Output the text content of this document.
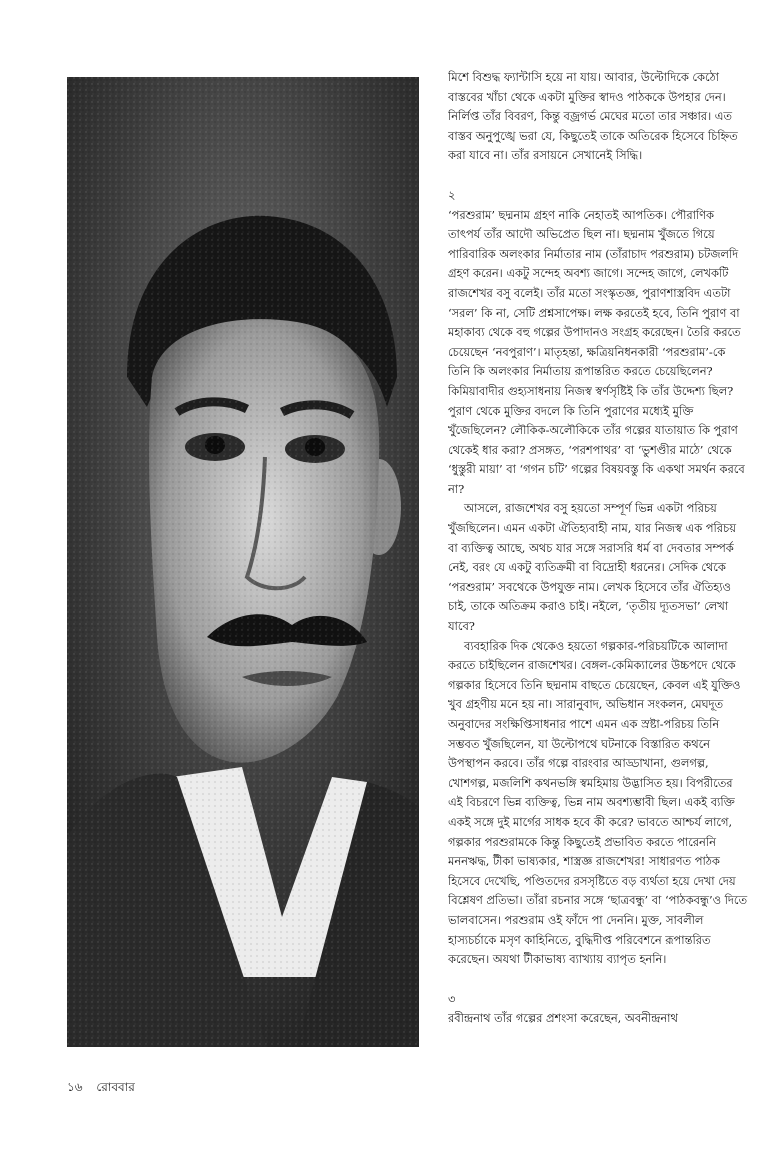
মিশে বিশুদ্ধ ফ্যান্টাসি হয়ে না যায়। আবার, উল্টোদিকে কেঠো বাস্তবের খাঁচা থেকে একটা মুক্তির স্বাদও পাঠককে উপহার দেন। নির্লিপ্ত তাঁর বিবরণ, কিন্তু বজ্রগর্ভ মেঘের মতো তার সঞ্চার। এত বাস্তব অনুপুঙ্খে ভরা যে, কিছুতেই তাকে অতিরেক হিসেবে চিহ্নিত করা যাবে না। তাঁর রসায়নে সেখানেই সিদ্ধি।

২

‘পরশুরাম’ ছদ্মনাম গ্রহণ নাকি নেহাতই আপতিক। পৌরাণিক তাৎপর্য তাঁর আদৌ অভিপ্রেত ছিল না। ছদ্মনাম খুঁজতে গিয়ে পারিবারিক অলংকার নির্মাতার নাম (তাঁরাচাদ পরশুরাম) চটজলদি গ্রহণ করেন। একটু সন্দেহ অবশ্য জাগে। সন্দেহ জাগে, লেখকটি রাজশেখর বসু বলেই। তাঁর মতো সংস্কৃতজ্ঞ, পুরাণশাস্ত্রবিদ এতটা ‘সরল’ কি না, সেটি প্রশ্নসাপেক্ষ। লক্ষ করতেই হবে, তিনি পুরাণ বা মহাকাব্য থেকে বহু গল্পের উপাদানও সংগ্রহ করেছেন। তৈরি করতে চেয়েছেন ‘নবপুরাণ’। মাতৃহন্তা, ক্ষত্রিয়নিধনকারী ‘পরশুরাম’-কে তিনি কি অলংকার নির্মাতায় রূপান্তরিত করতে চেয়েছিলেন? কিমিয়াবাদীর গুহ্যসাধনায় নিজস্ব স্বর্ণসৃষ্টিই কি তাঁর উদ্দেশ্য ছিল? পুরাণ থেকে মুক্তির বদলে কি তিনি পুরাণের মধ্যেই মুক্তি খুঁজেছিলেন? লৌকিক-অলৌকিকে তাঁর গল্পের যাতায়াত কি পুরাণ থেকেই ধার করা? প্রসঙ্গত, ‘পরশপাথর’ বা ‘ভুশণ্ডীর মাঠে’ থেকে ‘ধুস্তুরী মায়া’ বা ‘গগন চটি’ গল্পের বিষয়বস্তু কি একথা সমর্থন করবে না?

আসলে, রাজশেখর বসু হয়তো সম্পূর্ণ ভিন্ন একটা পরিচয় খুঁজছিলেন। এমন একটা ঐতিহ্যবাহী নাম, যার নিজস্ব এক পরিচয় বা ব্যক্তিত্ব আছে, অথচ যার সঙ্গে সরাসরি ধর্ম বা দেবতার সম্পর্ক নেই, বরং যে একটু ব্যতিক্রমী বা বিদ্রোহী ধরনের। সেদিক থেকে ‘পরশুরাম’ সবথেকে উপযুক্ত নাম। লেখক হিসেবে তাঁর ঐতিহ্যও চাই, তাকে অতিক্রম করাও চাই। নইলে, ‘তৃতীয় দ্যূতসভা’ লেখা যাবে?

ব্যবহারিক দিক থেকেও হয়তো গল্পকার-পরিচয়টিকে আলাদা করতে চাইছিলেন রাজশেখর। বেঙ্গল-কেমিক্যালের উচ্চপদে থেকে গল্পকার হিসেবে তিনি ছদ্মনাম বাছতে চেয়েছেন, কেবল এই যুক্তিও খুব গ্রহণীয় মনে হয় না। সারানুবাদ, অভিধান সংকলন, মেঘদূত অনুবাদের সংক্ষিপ্তিসাধনার পাশে এমন এক স্রষ্টা-পরিচয় তিনি সম্ভবত খুঁজছিলেন, যা উল্টোপথে ঘটনাকে বিস্তারিত কথনে উপস্থাপন করবে। তাঁর গল্পে বারংবার আড্ডাখানা, গুলগল্প, খোশগল্প, মজলিশি কথনভঙ্গি স্বমহিমায় উদ্ভাসিত হয়। বিপরীতের এই বিচরণে ভিন্ন ব্যক্তিত্ব, ভিন্ন নাম অবশ্যম্ভাবী ছিল। একই ব্যক্তি একই সঙ্গে দুই মার্গের সাধক হবে কী করে? ভাবতে আশ্চর্য লাগে, গল্পকার পরশুরামকে কিন্তু কিছুতেই প্রভাবিত করতে পারেননি মননঋদ্ধ, টীকা ভাষ্যকার, শাস্ত্রজ্ঞ রাজশেখর! সাধারণত পাঠক হিসেবে দেখেছি, পণ্ডিতদের রসসৃষ্টিতে বড় ব্যর্থতা হয়ে দেখা দেয় বিশ্লেষণ প্রতিভা। তাঁরা রচনার সঙ্গে ‘ছাত্রবন্ধু’ বা ‘পাঠকবন্ধু’ও দিতে ভালবাসেন। পরশুরাম ওই ফাঁদে পা দেননি। মুক্ত, সাবলীল হাস্যচর্চাকে মসৃণ কাহিনিতে, বুদ্ধিদীপ্ত পরিবেশনে রূপান্তরিত করেছেন। অযথা টীকাভাষ্য ব্যাখ্যায় ব্যাপৃত হননি।

৩

রবীন্দ্রনাথ তাঁর গল্পের প্রশংসা করেছেন, অবনীন্দ্রনাথ

১৬ রোববার
